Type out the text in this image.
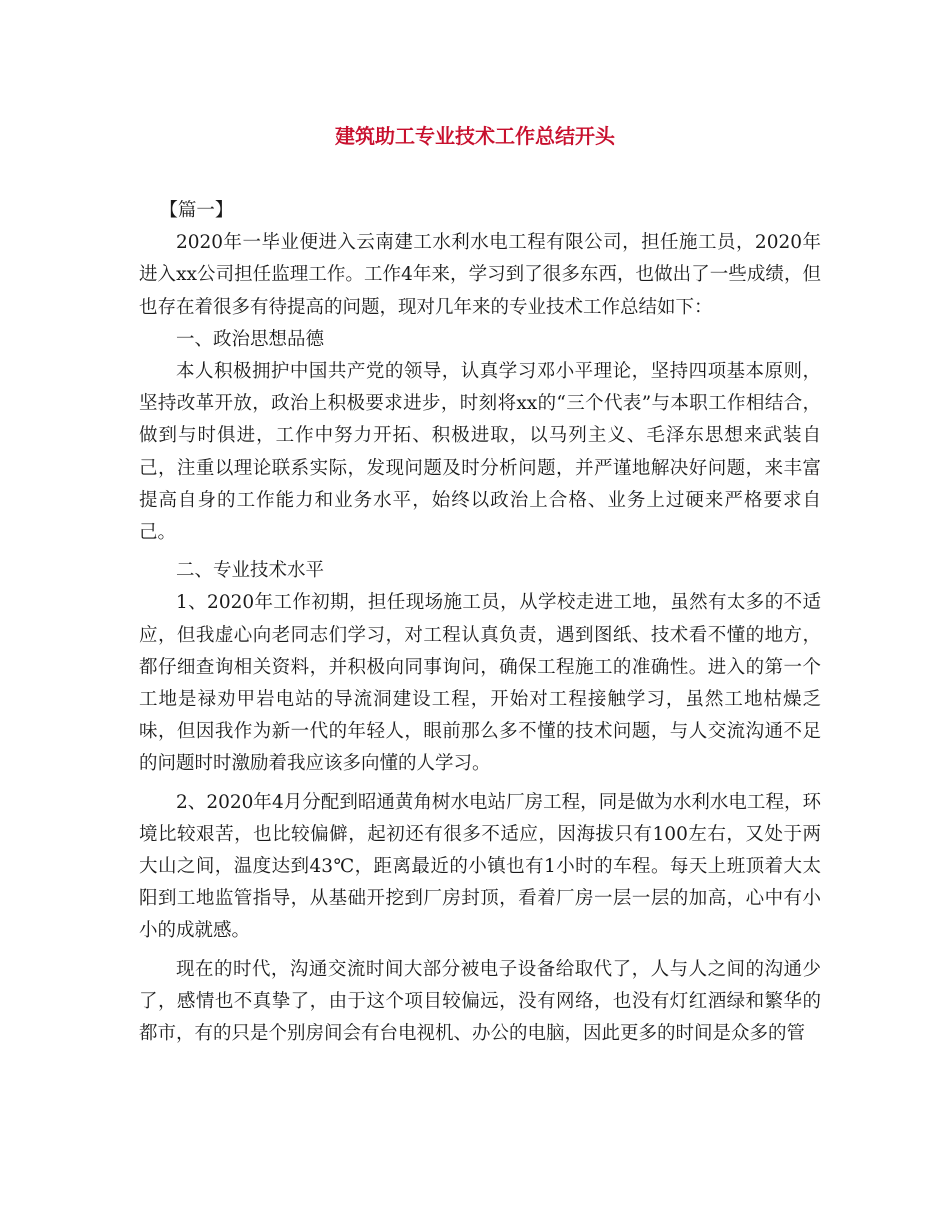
建筑助工专业技术工作总结开头

【篇一】

2020年一毕业便进入云南建工水利水电工程有限公司，担任施工员，2020年进入xx公司担任监理工作。工作4年来，学习到了很多东西，也做出了一些成绩，但也存在着很多有待提高的问题，现对几年来的专业技术工作总结如下：

一、政治思想品德

本人积极拥护中国共产党的领导，认真学习邓小平理论，坚持四项基本原则，坚持改革开放，政治上积极要求进步，时刻将xx的“三个代表”与本职工作相结合，做到与时俱进，工作中努力开拓、积极进取，以马列主义、毛泽东思想来武装自己，注重以理论联系实际，发现问题及时分析问题，并严谨地解决好问题，来丰富提高自身的工作能力和业务水平，始终以政治上合格、业务上过硬来严格要求自己。

二、专业技术水平

1、2020年工作初期，担任现场施工员，从学校走进工地，虽然有太多的不适应，但我虚心向老同志们学习，对工程认真负责，遇到图纸、技术看不懂的地方，都仔细查询相关资料，并积极向同事询问，确保工程施工的准确性。进入的第一个工地是禄劝甲岩电站的导流洞建设工程，开始对工程接触学习，虽然工地枯燥乏味，但因我作为新一代的年轻人，眼前那么多不懂的技术问题，与人交流沟通不足的问题时时激励着我应该多向懂的人学习。

2、2020年4月分配到昭通黄角树水电站厂房工程，同是做为水利水电工程，环境比较艰苦，也比较偏僻，起初还有很多不适应，因海拔只有100左右，又处于两大山之间，温度达到43℃，距离最近的小镇也有1小时的车程。每天上班顶着大太阳到工地监管指导，从基础开挖到厂房封顶，看着厂房一层一层的加高，心中有小小的成就感。

现在的时代，沟通交流时间大部分被电子设备给取代了，人与人之间的沟通少了，感情也不真挚了，由于这个项目较偏远，没有网络，也没有灯红酒绿和繁华的都市，有的只是个别房间会有台电视机、办公的电脑，因此更多的时间是众多的管
